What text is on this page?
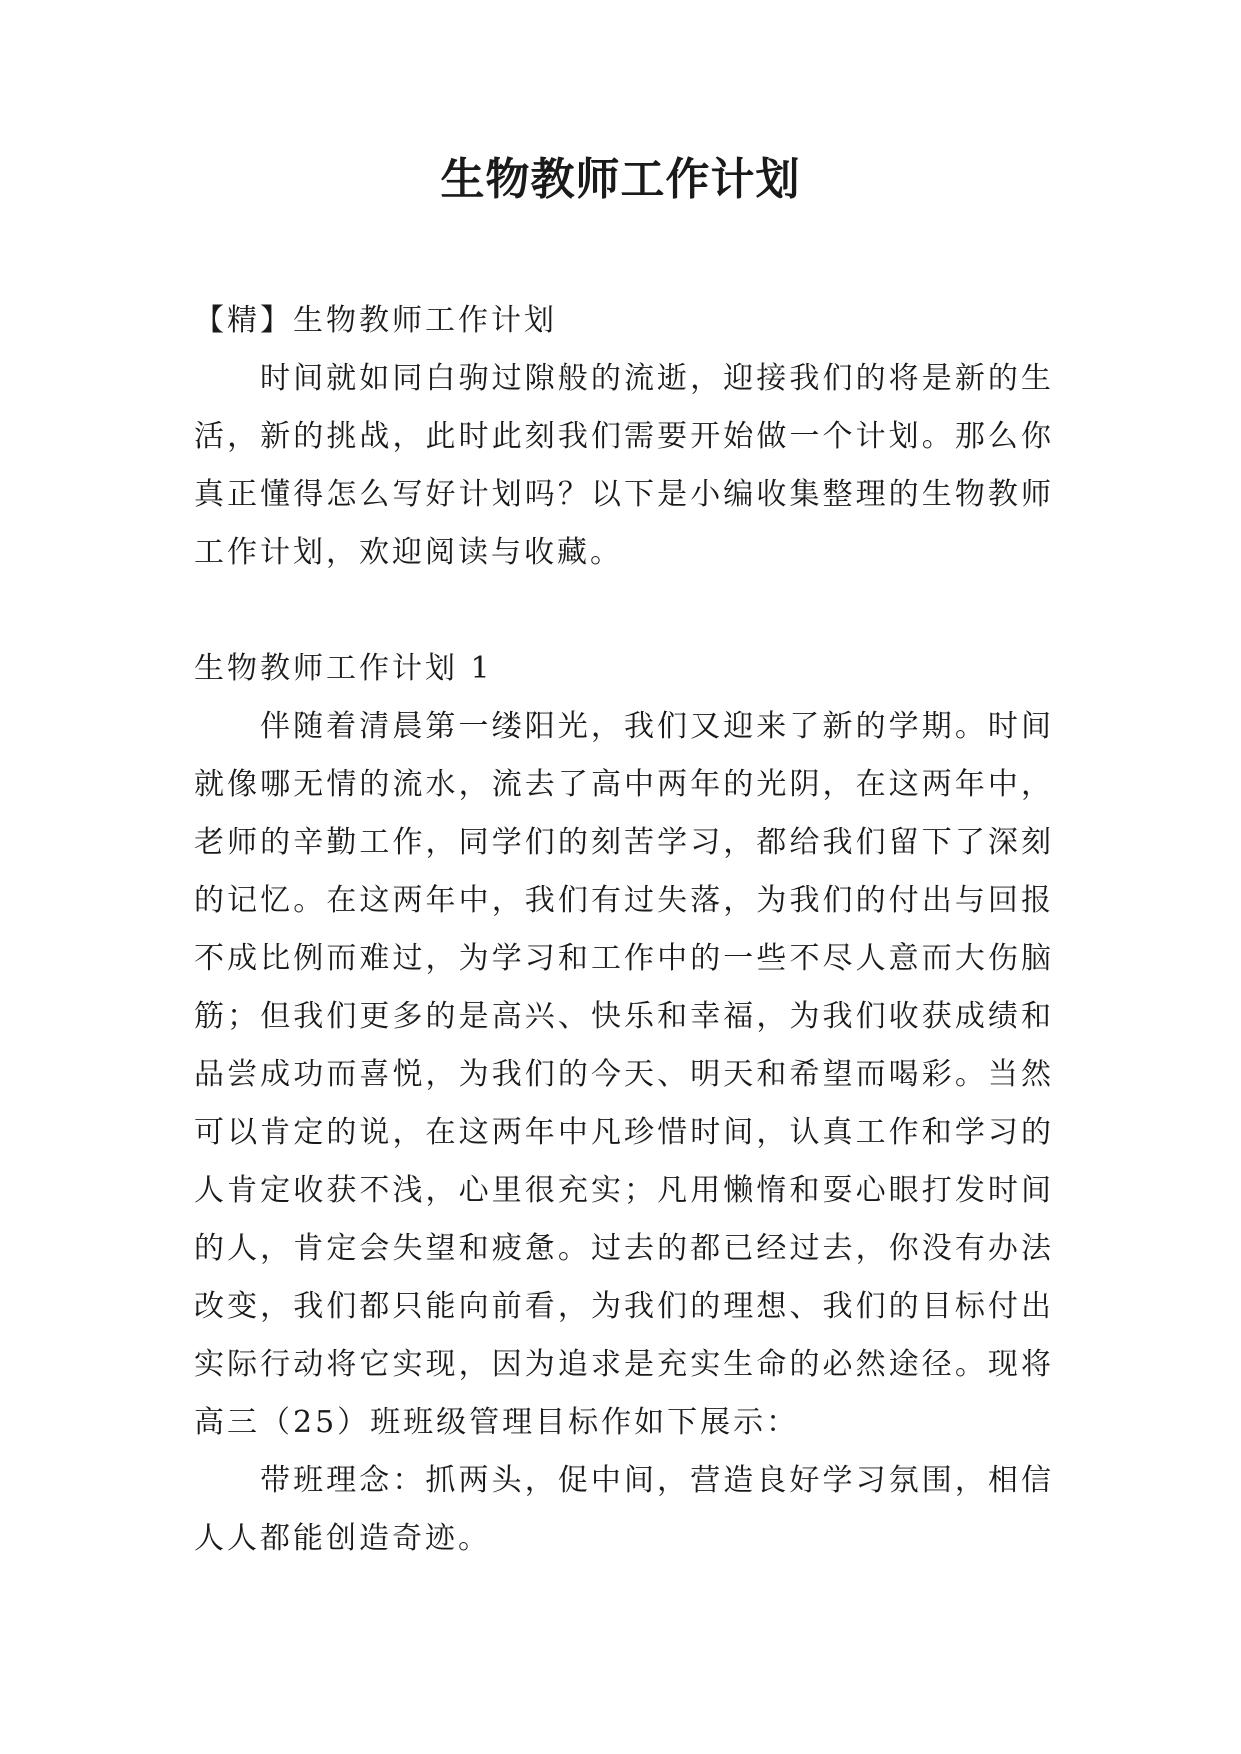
生物教师工作计划

【精】生物教师工作计划

时间就如同白驹过隙般的流逝，迎接我们的将是新的生活，新的挑战，此时此刻我们需要开始做一个计划。那么你真正懂得怎么写好计划吗？以下是小编收集整理的生物教师工作计划，欢迎阅读与收藏。

生物教师工作计划 1

伴随着清晨第一缕阳光，我们又迎来了新的学期。时间就像哪无情的流水，流去了高中两年的光阴，在这两年中，老师的辛勤工作，同学们的刻苦学习，都给我们留下了深刻的记忆。在这两年中，我们有过失落，为我们的付出与回报不成比例而难过，为学习和工作中的一些不尽人意而大伤脑筋；但我们更多的是高兴、快乐和幸福，为我们收获成绩和品尝成功而喜悦，为我们的今天、明天和希望而喝彩。当然可以肯定的说，在这两年中凡珍惜时间，认真工作和学习的人肯定收获不浅，心里很充实；凡用懒惰和耍心眼打发时间的人，肯定会失望和疲惫。过去的都已经过去，你没有办法改变，我们都只能向前看，为我们的理想、我们的目标付出实际行动将它实现，因为追求是充实生命的必然途径。现将高三（25）班班级管理目标作如下展示：

带班理念：抓两头，促中间，营造良好学习氛围，相信人人都能创造奇迹。
